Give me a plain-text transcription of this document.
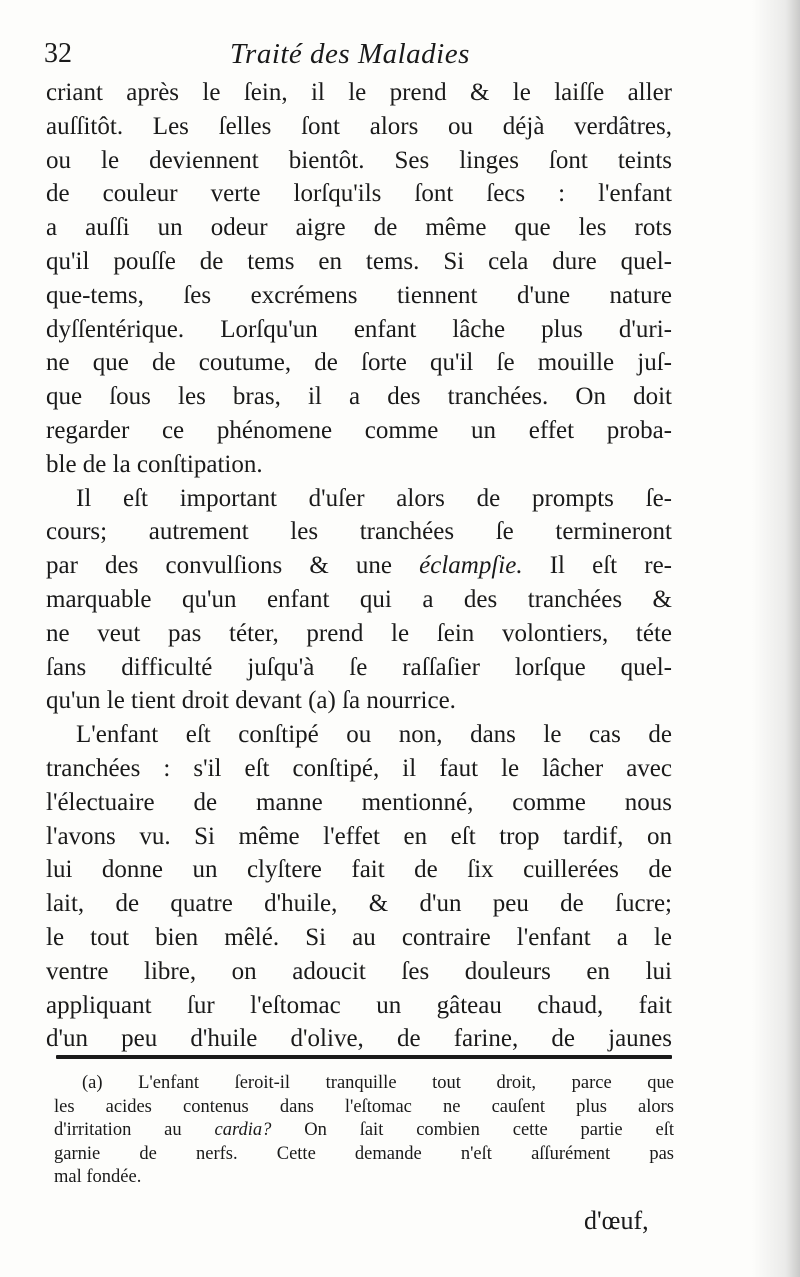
32	Traité des Maladies
criant après le ſein, il le prend & le laiſſe aller
auſſitôt. Les ſelles ſont alors ou déjà verdâtres,
ou le deviennent bientôt. Ses linges ſont teints
de couleur verte lorſqu'ils ſont ſecs : l'enfant
a auſſi un odeur aigre de même que les rots
qu'il pouſſe de tems en tems. Si cela dure quel-
que-tems, ſes excrémens tiennent d'une nature
dyſſentérique. Lorſqu'un enfant lâche plus d'uri-
ne que de coutume, de ſorte qu'il ſe mouille juſ-
que ſous les bras, il a des tranchées. On doit
regarder ce phénomene comme un effet proba-
ble de la conſtipation.
Il eſt important d'uſer alors de prompts ſe-
cours; autrement les tranchées ſe termineront
par des convulſions & une éclampſie. Il eſt re-
marquable qu'un enfant qui a des tranchées &
ne veut pas téter, prend le ſein volontiers, téte
ſans difficulté juſqu'à ſe raſſaſier lorſque quel-
qu'un le tient droit devant (a) ſa nourrice.
L'enfant eſt conſtipé ou non, dans le cas de
tranchées : s'il eſt conſtipé, il faut le lâcher avec
l'électuaire de manne mentionné, comme nous
l'avons vu. Si même l'effet en eſt trop tardif, on
lui donne un clyſtere fait de ſix cuillerées de
lait, de quatre d'huile, & d'un peu de ſucre;
le tout bien mêlé. Si au contraire l'enfant a le
ventre libre, on adoucit ſes douleurs en lui
appliquant ſur l'eſtomac un gâteau chaud, fait
d'un peu d'huile d'olive, de farine, de jaunes
(a) L'enfant ſeroit-il tranquille tout droit, parce que
les acides contenus dans l'eſtomac ne cauſent plus alors
d'irritation au cardia? On ſait combien cette partie eſt
garnie de nerfs. Cette demande n'eſt aſſurément pas
mal fondée.
d'œuf,
